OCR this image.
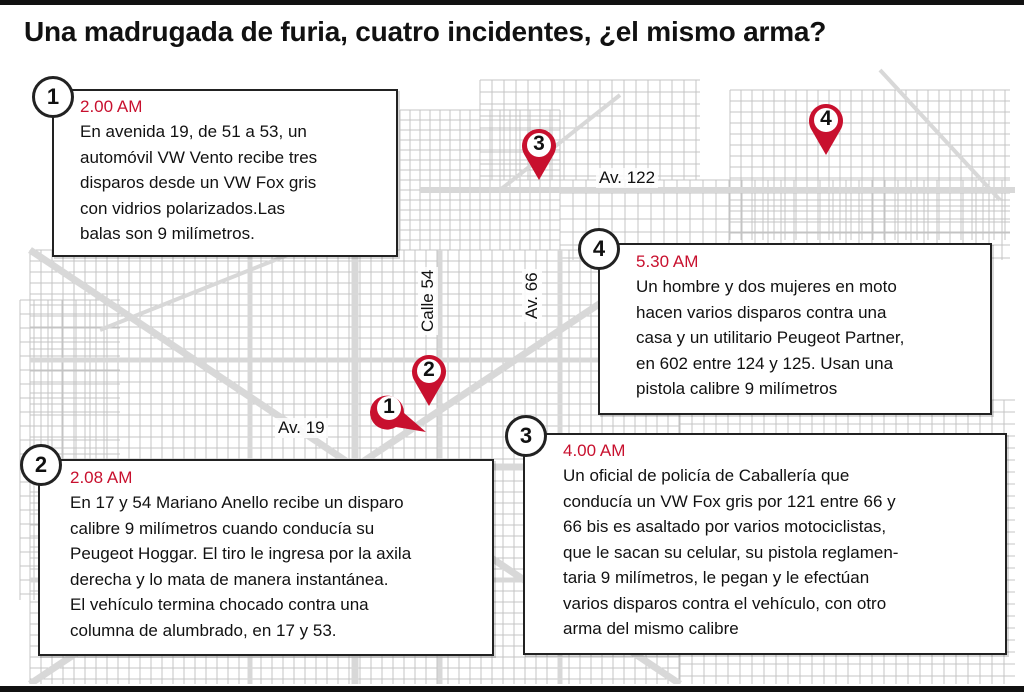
Una madrugada de furia, cuatro incidentes, ¿el mismo arma?
Av. 122
Calle 54	Av. 66
Av. 19
3
4
2
1
2.00 AM
En avenida 19, de 51 a 53, un
automóvil VW Vento recibe tres
disparos desde un VW Fox gris
con vidrios polarizados.Las
balas son 9 milímetros.
1
5.30 AM
Un hombre y dos mujeres en moto
hacen varios disparos contra una
casa y un utilitario Peugeot Partner,
en 602 entre 124 y 125. Usan una
pistola calibre 9 milímetros
4
2.08 AM
En 17 y 54 Mariano Anello recibe un disparo
calibre 9 milímetros cuando conducía su
Peugeot Hoggar. El tiro le ingresa por la axila
derecha y lo mata de manera instantánea.
El vehículo termina chocado contra una
columna de alumbrado, en 17 y 53.
2
4.00 AM
Un oficial de policía de Caballería que
conducía un VW Fox gris por 121 entre 66 y
66 bis es asaltado por varios motociclistas,
que le sacan su celular, su pistola reglamen-
taria 9 milímetros, le pegan y le efectúan
varios disparos contra el vehículo, con otro
arma del mismo calibre
3
